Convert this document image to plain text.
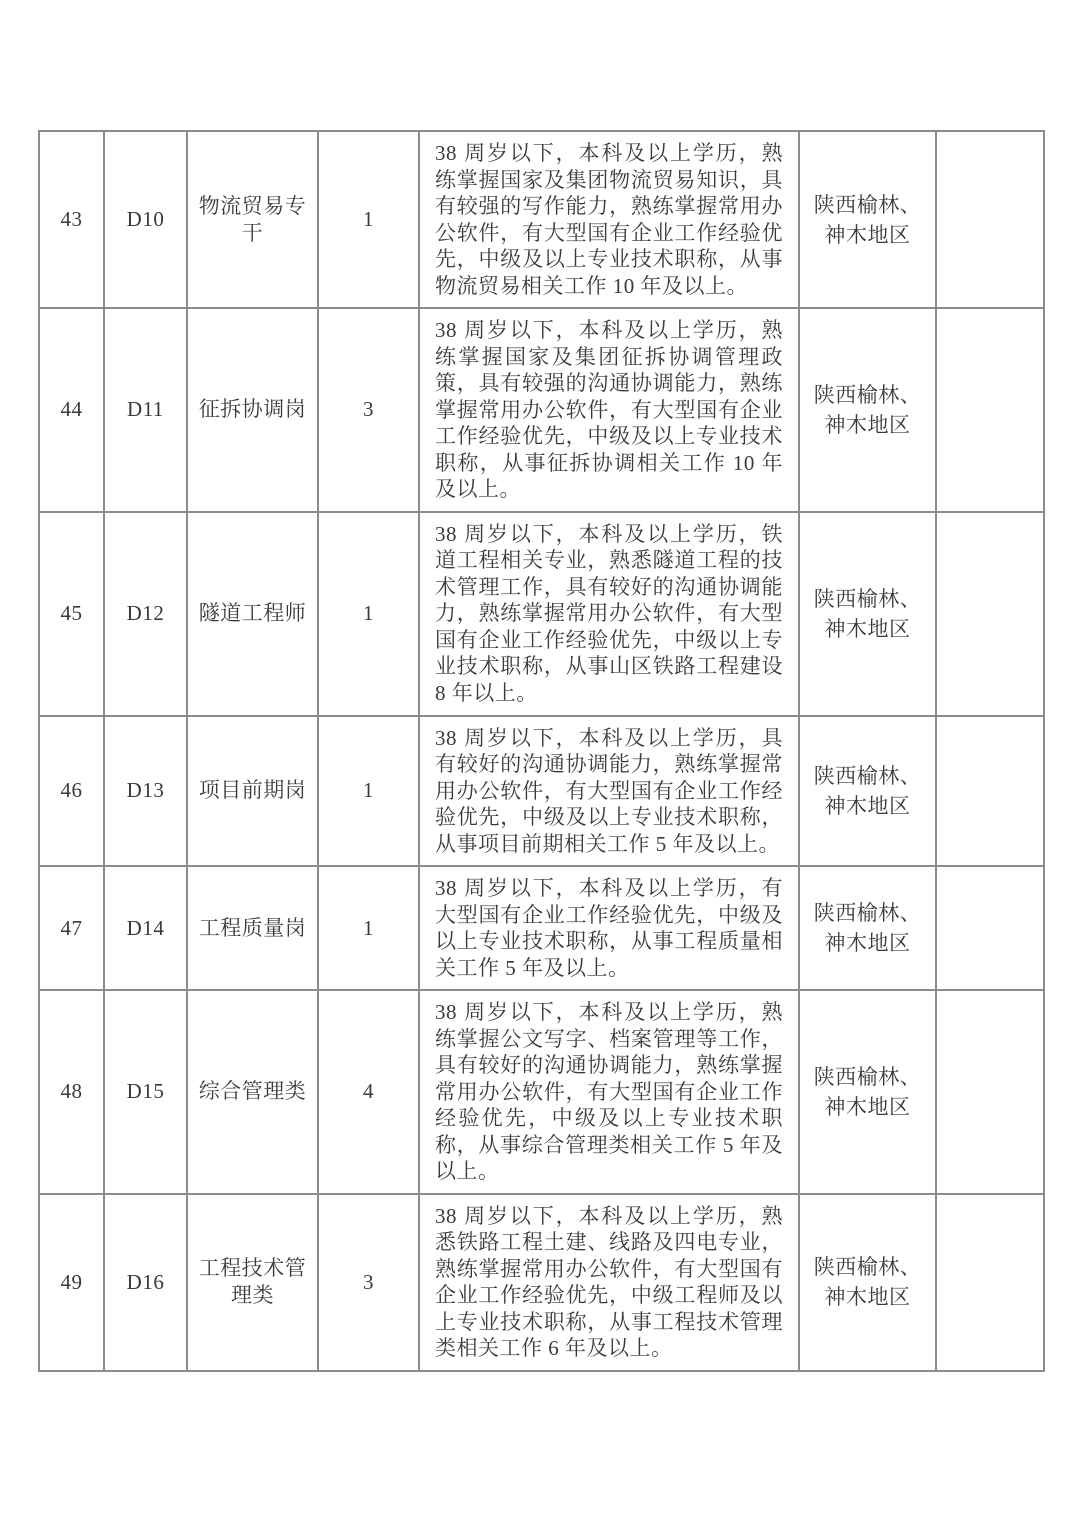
43	D10	物流贸易专干	1	38 周岁以下，本科及以上学历，熟练掌握国家及集团物流贸易知识，具有较强的写作能力，熟练掌握常用办公软件，有大型国有企业工作经验优先，中级及以上专业技术职称，从事物流贸易相关工作 10 年及以上。	陕西榆林、神木地区	
44	D11	征拆协调岗	3	38 周岁以下，本科及以上学历，熟练掌握国家及集团征拆协调管理政策，具有较强的沟通协调能力，熟练掌握常用办公软件，有大型国有企业工作经验优先，中级及以上专业技术职称，从事征拆协调相关工作 10 年及以上。	陕西榆林、神木地区	
45	D12	隧道工程师	1	38 周岁以下，本科及以上学历，铁道工程相关专业，熟悉隧道工程的技术管理工作，具有较好的沟通协调能力，熟练掌握常用办公软件，有大型国有企业工作经验优先，中级以上专业技术职称，从事山区铁路工程建设 8 年以上。	陕西榆林、神木地区	
46	D13	项目前期岗	1	38 周岁以下，本科及以上学历，具有较好的沟通协调能力，熟练掌握常用办公软件，有大型国有企业工作经验优先，中级及以上专业技术职称，从事项目前期相关工作 5 年及以上。	陕西榆林、神木地区	
47	D14	工程质量岗	1	38 周岁以下，本科及以上学历，有大型国有企业工作经验优先，中级及以上专业技术职称，从事工程质量相关工作 5 年及以上。	陕西榆林、神木地区	
48	D15	综合管理类	4	38 周岁以下，本科及以上学历，熟练掌握公文写字、档案管理等工作，具有较好的沟通协调能力，熟练掌握常用办公软件，有大型国有企业工作经验优先，中级及以上专业技术职称，从事综合管理类相关工作 5 年及以上。	陕西榆林、神木地区	
49	D16	工程技术管理类	3	38 周岁以下，本科及以上学历，熟悉铁路工程土建、线路及四电专业，熟练掌握常用办公软件，有大型国有企业工作经验优先，中级工程师及以上专业技术职称，从事工程技术管理类相关工作 6 年及以上。	陕西榆林、神木地区	
